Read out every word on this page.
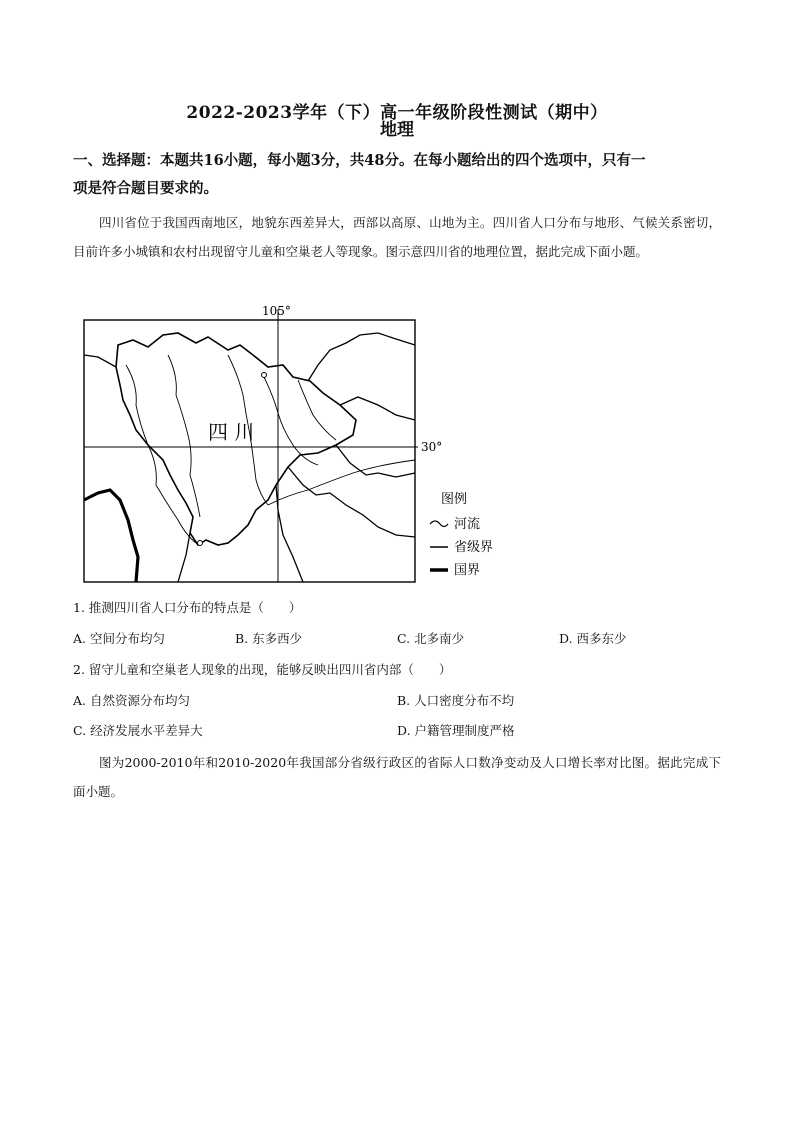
2022-2023学年（下）高一年级阶段性测试（期中）
地理
一、选择题：本题共16小题，每小题3分，共48分。在每小题给出的四个选项中，只有一
项是符合题目要求的。
四川省位于我国西南地区，地貌东西差异大，西部以高原、山地为主。四川省人口分布与地形、气候关系密切，目前许多小城镇和农村出现留守儿童和空巢老人等现象。图示意四川省的地理位置，据此完成下面小题。
105°
30°
四 川
图例
河流
省级界
国界
1. 推测四川省人口分布的特点是（　　）
A. 空间分布均匀	B. 东多西少	C. 北多南少	D. 西多东少
2. 留守儿童和空巢老人现象的出现，能够反映出四川省内部（　　）
A. 自然资源分布均匀	B. 人口密度分布不均
C. 经济发展水平差异大	D. 户籍管理制度严格
图为2000-2010年和2010-2020年我国部分省级行政区的省际人口数净变动及人口增长率对比图。据此完成下面小题。
